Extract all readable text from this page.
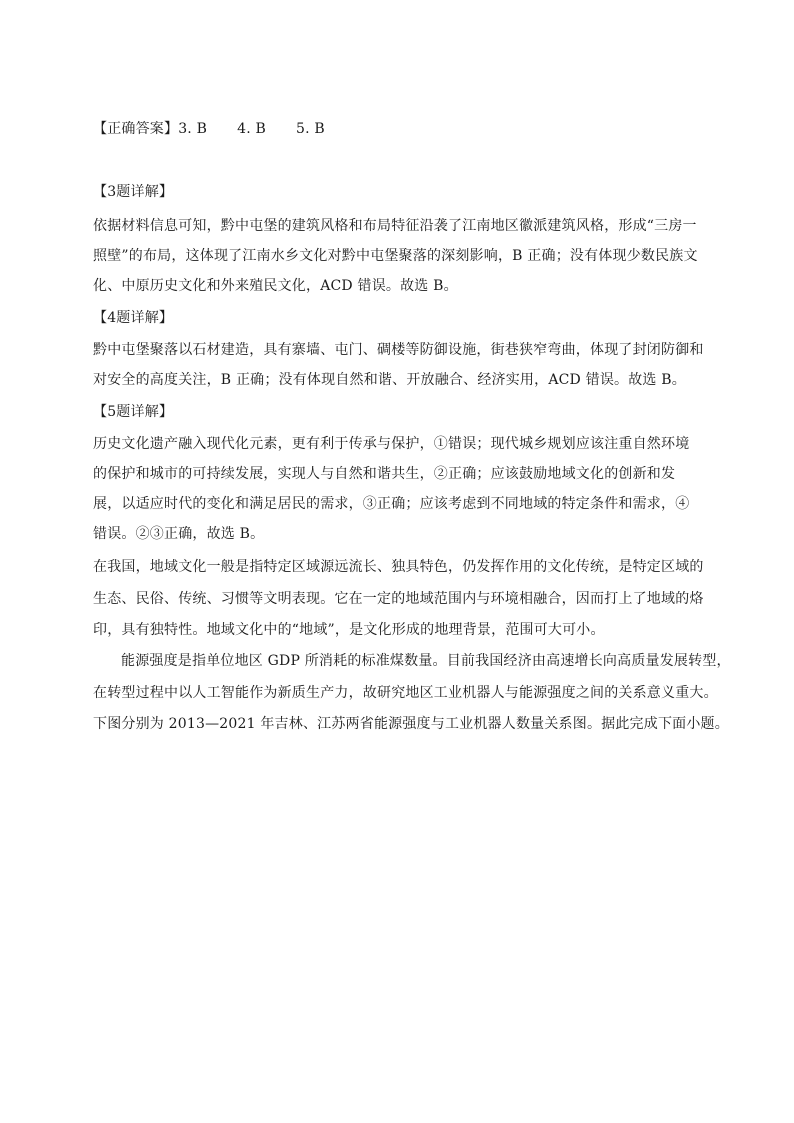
【正确答案】3. B 4. B 5. B
【3题详解】
依据材料信息可知，黔中屯堡的建筑风格和布局特征沿袭了江南地区徽派建筑风格，形成“三房一
照壁”的布局，这体现了江南水乡文化对黔中屯堡聚落的深刻影响，B 正确；没有体现少数民族文
化、中原历史文化和外来殖民文化，ACD 错误。故选 B。
【4题详解】
黔中屯堡聚落以石材建造，具有寨墙、屯门、碉楼等防御设施，街巷狭窄弯曲，体现了封闭防御和
对安全的高度关注，B 正确；没有体现自然和谐、开放融合、经济实用，ACD 错误。故选 B。
【5题详解】
历史文化遗产融入现代化元素，更有利于传承与保护，①错误；现代城乡规划应该注重自然环境
的保护和城市的可持续发展，实现人与自然和谐共生，②正确；应该鼓励地域文化的创新和发
展，以适应时代的变化和满足居民的需求，③正确；应该考虑到不同地域的特定条件和需求，④
错误。②③正确，故选 B。
在我国，地域文化一般是指特定区域源远流长、独具特色，仍发挥作用的文化传统，是特定区域的
生态、民俗、传统、习惯等文明表现。它在一定的地域范围内与环境相融合，因而打上了地域的烙
印，具有独特性。地域文化中的“地域”，是文化形成的地理背景，范围可大可小。
能源强度是指单位地区 GDP 所消耗的标准煤数量。目前我国经济由高速增长向高质量发展转型，
在转型过程中以人工智能作为新质生产力，故研究地区工业机器人与能源强度之间的关系意义重大。
下图分别为 2013—2021 年吉林、江苏两省能源强度与工业机器人数量关系图。据此完成下面小题。
